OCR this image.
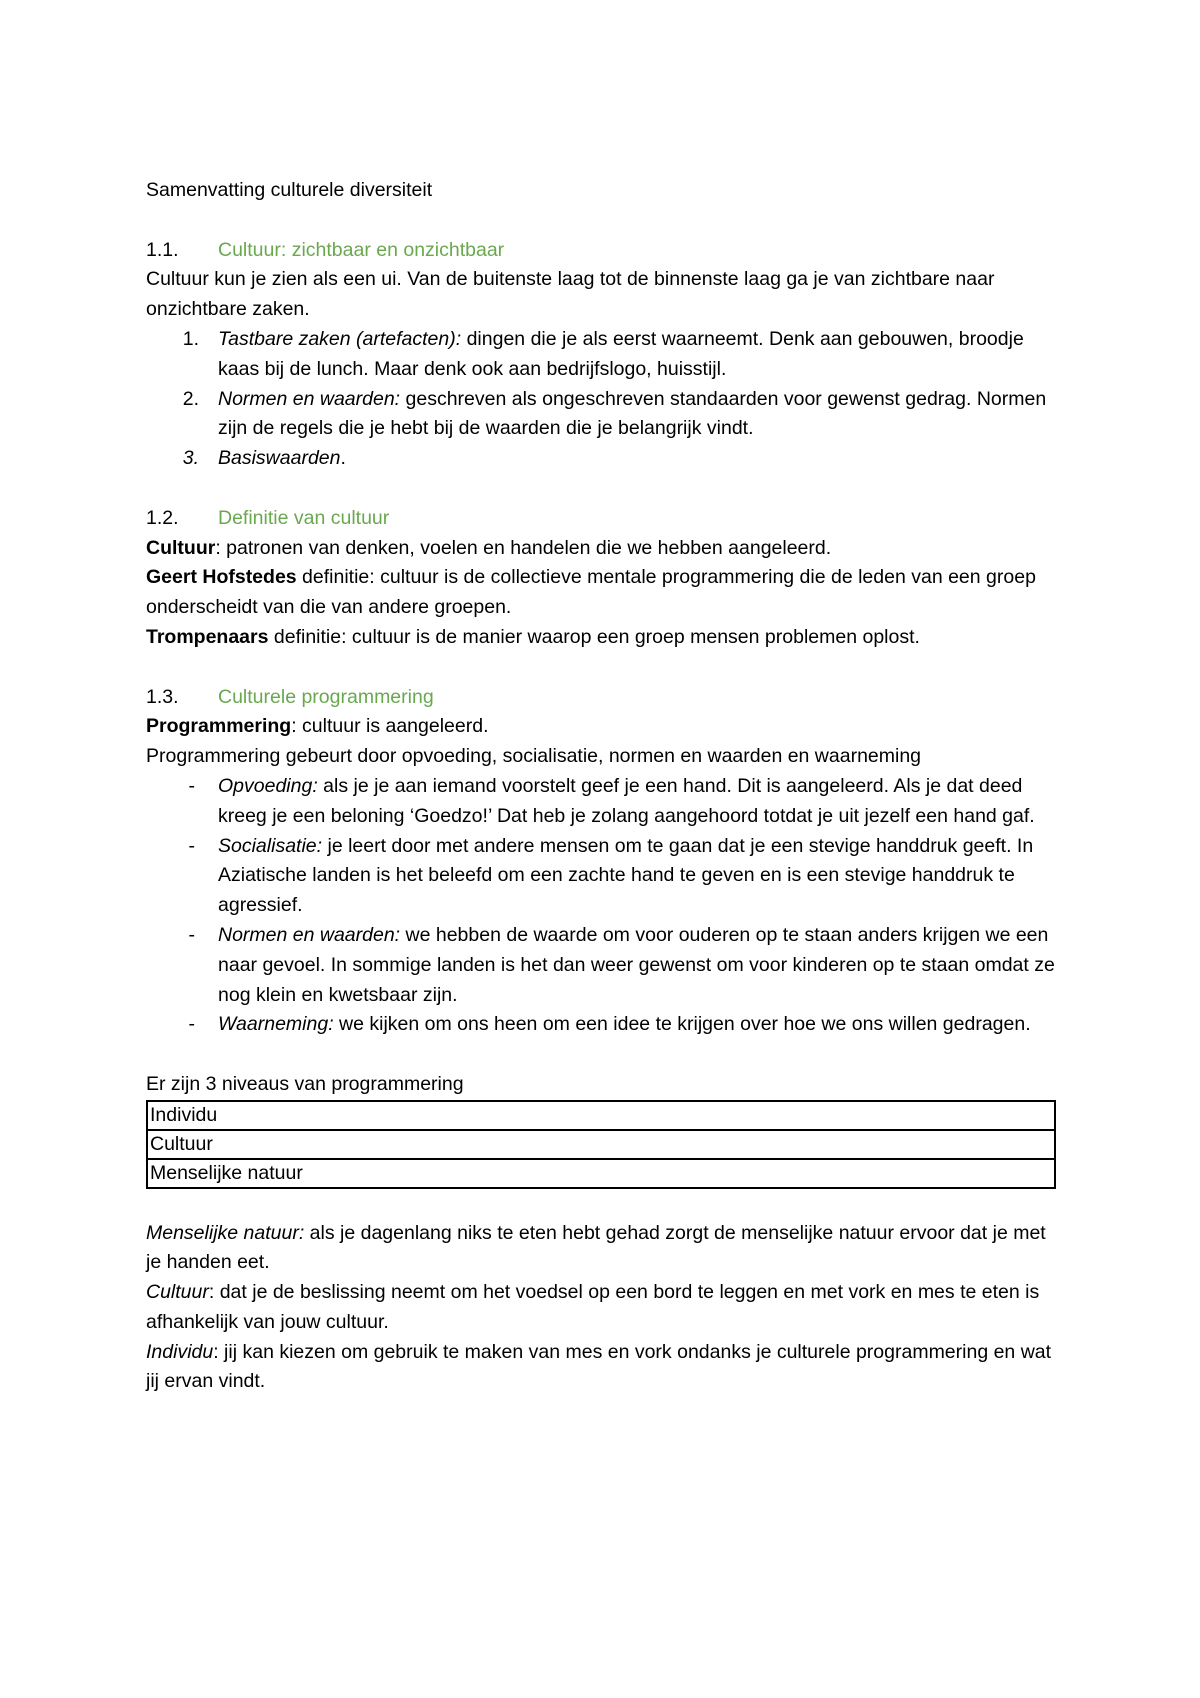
Samenvatting culturele diversiteit

1.1.	Cultuur: zichtbaar en onzichtbaar

Cultuur kun je zien als een ui. Van de buitenste laag tot de binnenste laag ga je van zichtbare naar onzichtbare zaken.

1. Tastbare zaken (artefacten): dingen die je als eerst waarneemt. Denk aan gebouwen, broodje kaas bij de lunch. Maar denk ook aan bedrijfslogo, huisstijl.
2. Normen en waarden: geschreven als ongeschreven standaarden voor gewenst gedrag. Normen zijn de regels die je hebt bij de waarden die je belangrijk vindt.
3. Basiswaarden.
1.2.	Definitie van cultuur

Cultuur: patronen van denken, voelen en handelen die we hebben aangeleerd.

Geert Hofstedes definitie: cultuur is de collectieve mentale programmering die de leden van een groep onderscheidt van die van andere groepen.

Trompenaars definitie: cultuur is de manier waarop een groep mensen problemen oplost.

1.3.	Culturele programmering

Programmering: cultuur is aangeleerd.

Programmering gebeurt door opvoeding, socialisatie, normen en waarden en waarneming

-	Opvoeding: als je je aan iemand voorstelt geef je een hand. Dit is aangeleerd. Als je dat deed kreeg je een beloning ‘Goedzo!’ Dat heb je zolang aangehoord totdat je uit jezelf een hand gaf.
-	Socialisatie: je leert door met andere mensen om te gaan dat je een stevige handdruk geeft. In Aziatische landen is het beleefd om een zachte hand te geven en is een stevige handdruk te agressief.
-	Normen en waarden: we hebben de waarde om voor ouderen op te staan anders krijgen we een naar gevoel. In sommige landen is het dan weer gewenst om voor kinderen op te staan omdat ze nog klein en kwetsbaar zijn.
-	Waarneming: we kijken om ons heen om een idee te krijgen over hoe we ons willen gedragen.

Er zijn 3 niveaus van programmering

Individu
Cultuur
Menselijke natuur

Menselijke natuur: als je dagenlang niks te eten hebt gehad zorgt de menselijke natuur ervoor dat je met je handen eet.

Cultuur: dat je de beslissing neemt om het voedsel op een bord te leggen en met vork en mes te eten is afhankelijk van jouw cultuur.

Individu: jij kan kiezen om gebruik te maken van mes en vork ondanks je culturele programmering en wat jij ervan vindt.
